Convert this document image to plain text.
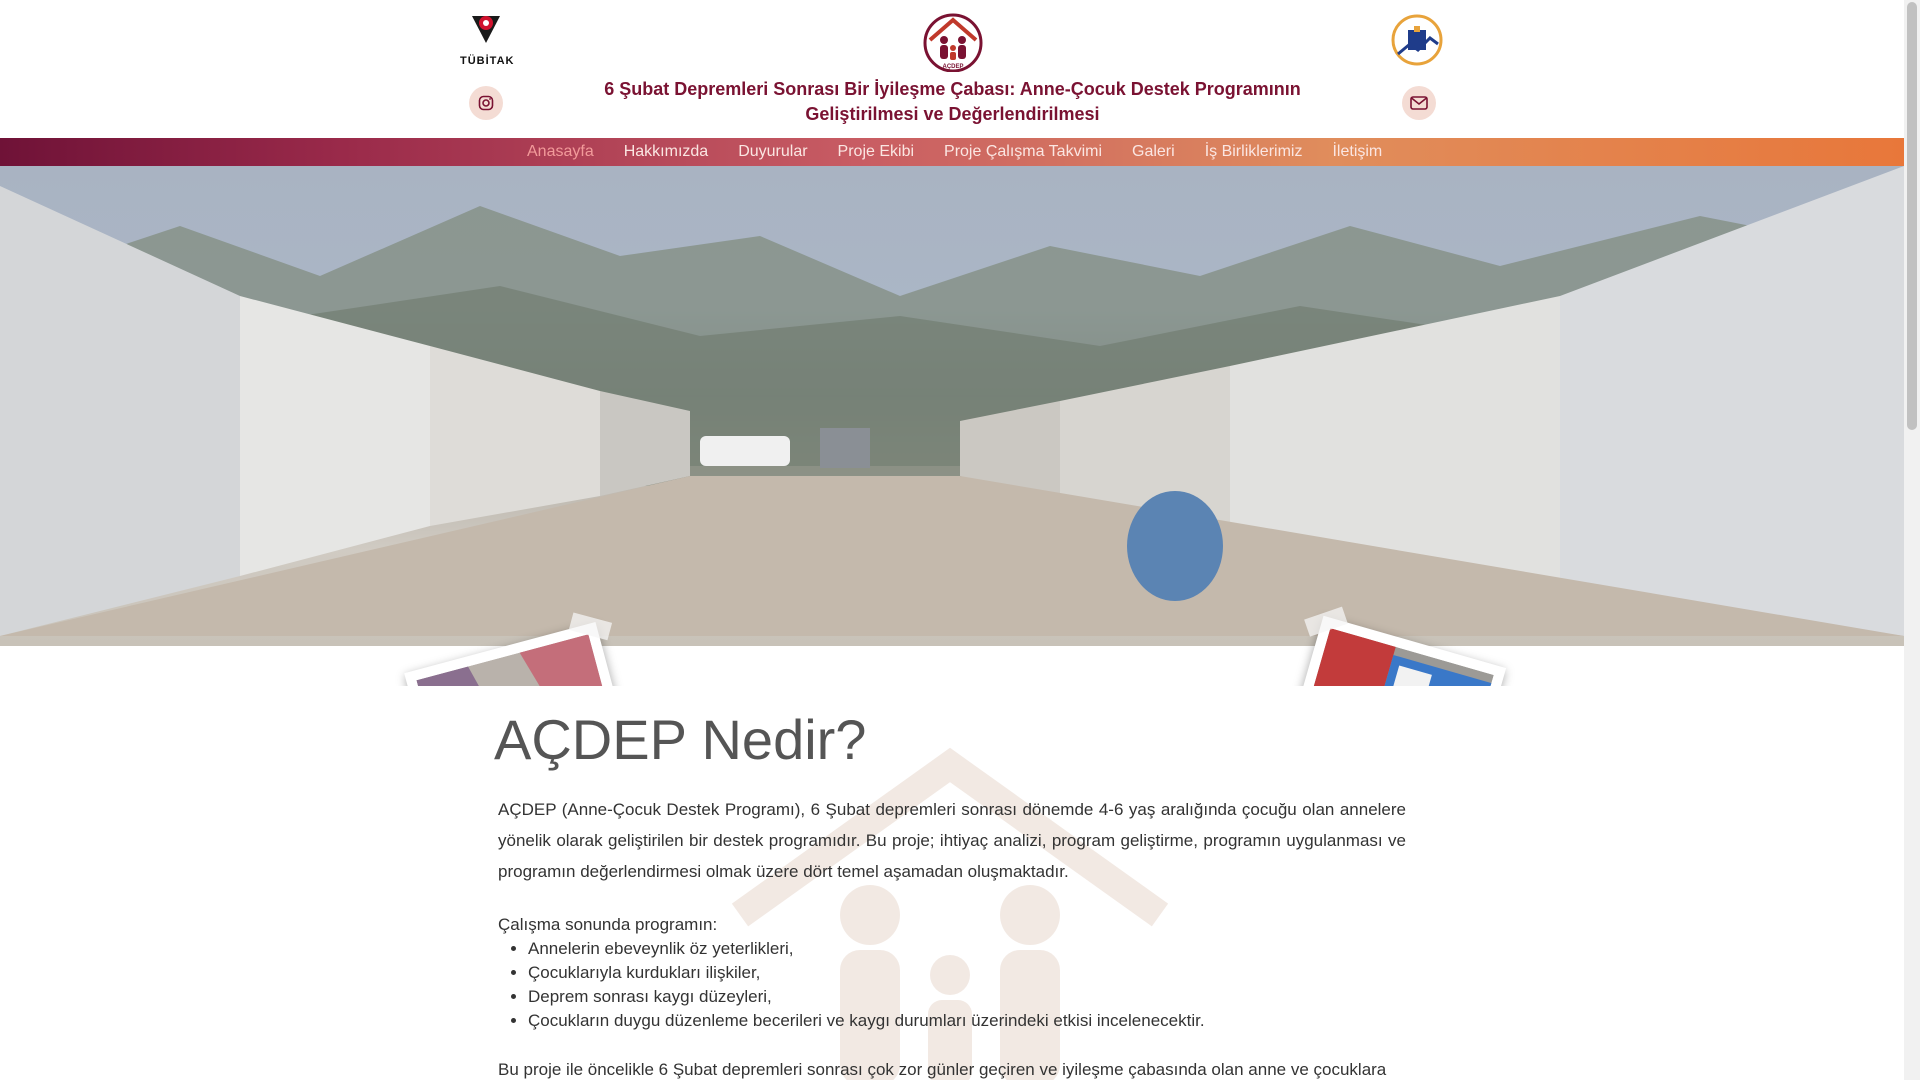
TÜBİTAK	AÇDEP
6 Şubat Depremleri Sonrası Bir İyileşme Çabası: Anne-Çocuk Destek Programının
Geliştirilmesi ve Değerlendirilmesi
Anasayfa	Hakkımızda	Duyurular	Proje Ekibi	Proje Çalışma Takvimi	Galeri	İş Birliklerimiz	İletişim
AÇDEP Nedir?
AÇDEP (Anne-Çocuk Destek Programı), 6 Şubat depremleri sonrası dönemde 4-6 yaş aralığında çocuğu olan annelere yönelik olarak geliştirilen bir destek programıdır. Bu proje; ihtiyaç analizi, program geliştirme, programın uygulanması ve programın değerlendirmesi olmak üzere dört temel aşamadan oluşmaktadır.
Çalışma sonunda programın:
• Annelerin ebeveynlik öz yeterlikleri,
• Çocuklarıyla kurdukları ilişkiler,
• Deprem sonrası kaygı düzeyleri,
• Çocukların duygu düzenleme becerileri ve kaygı durumları üzerindeki etkisi incelenecektir.
Bu proje ile öncelikle 6 Şubat depremleri sonrası çok zor günler geçiren ve iyileşme çabasında olan anne ve çocuklara
